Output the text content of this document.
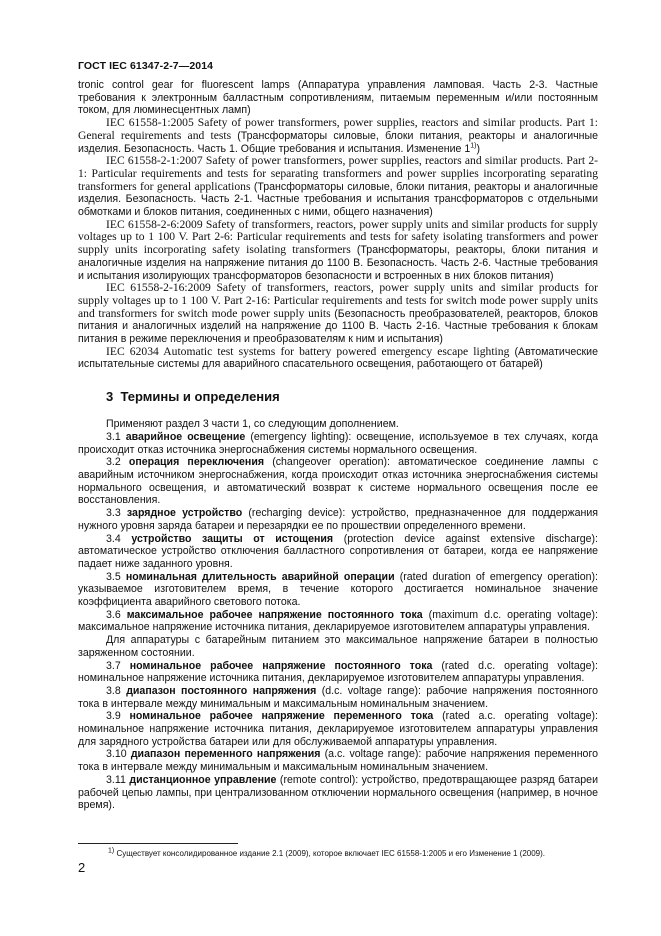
ГОСТ IEC 61347-2-7—2014

tronic control gear for fluorescent lamps (Аппаратура управления ламповая. Часть 2-3. Частные требования к электронным балластным сопротивлениям, питаемым переменным и/или постоянным током, для люминесцентных ламп)

IEC 61558-1:2005 Safety of power transformers, power supplies, reactors and similar products. Part 1: General requirements and tests (Трансформаторы силовые, блоки питания, реакторы и аналогичные изделия. Безопасность. Часть 1. Общие требования и испытания. Изменение 1$^{1)}$)

IEC 61558-2-1:2007 Safety of power transformers, power supplies, reactors and similar products. Part 2-1: Particular requirements and tests for separating transformers and power supplies incorporating separating transformers for general applications (Трансформаторы силовые, блоки питания, реакторы и аналогичные изделия. Безопасность. Часть 2-1. Частные требования и испытания трансформаторов с отдельными обмотками и блоков питания, соединенных с ними, общего назначения)

IEC 61558-2-6:2009 Safety of transformers, reactors, power supply units and similar products for supply voltages up to 1 100 V. Part 2-6: Particular requirements and tests for safety isolating transformers and power supply units incorporating safety isolating transformers (Трансформаторы, реакторы, блоки питания и аналогичные изделия на напряжение питания до 1100 В. Безопасность. Часть 2-6. Частные требования и испытания изолирующих трансформаторов безопасности и встроенных в них блоков питания)

IEC 61558-2-16:2009 Safety of transformers, reactors, power supply units and similar products for supply voltages up to 1 100 V. Part 2-16: Particular requirements and tests for switch mode power supply units and transformers for switch mode power supply units (Безопасность преобразователей, реакторов, блоков питания и аналогичных изделий на напряжение до 1100 В. Часть 2-16. Частные требования к блокам питания в режиме переключения и преобразователям к ним и испытания)

IEC 62034 Automatic test systems for battery powered emergency escape lighting (Автоматические испытательные системы для аварийного спасательного освещения, работающего от батарей)

3 Термины и определения

Применяют раздел 3 части 1, со следующим дополнением.

3.1 аварийное освещение (emergency lighting): освещение, используемое в тех случаях, когда происходит отказ источника энергоснабжения системы нормального освещения.

3.2 операция переключения (changeover operation): автоматическое соединение лампы с аварийным источником энергоснабжения, когда происходит отказ источника энергоснабжения системы нормального освещения, и автоматический возврат к системе нормального освещения после ее восстановления.

3.3 зарядное устройство (recharging device): устройство, предназначенное для поддержания нужного уровня заряда батареи и перезарядки ее по прошествии определенного времени.

3.4 устройство защиты от истощения (protection device against extensive discharge): автоматическое устройство отключения балластного сопротивления от батареи, когда ее напряжение падает ниже заданного уровня.

3.5 номинальная длительность аварийной операции (rated duration of emergency operation): указываемое изготовителем время, в течение которого достигается номинальное значение коэффициента аварийного светового потока.

3.6 максимальное рабочее напряжение постоянного тока (maximum d.c. operating voltage): максимальное напряжение источника питания, декларируемое изготовителем аппаратуры управления.

Для аппаратуры с батарейным питанием это максимальное напряжение батареи в полностью заряженном состоянии.

3.7 номинальное рабочее напряжение постоянного тока (rated d.c. operating voltage): номинальное напряжение источника питания, декларируемое изготовителем аппаратуры управления.

3.8 диапазон постоянного напряжения (d.c. voltage range): рабочие напряжения постоянного тока в интервале между минимальным и максимальным номинальным значением.

3.9 номинальное рабочее напряжение переменного тока (rated a.c. operating voltage): номинальное напряжение источника питания, декларируемое изготовителем аппаратуры управления для зарядного устройства батареи или для обслуживаемой аппаратуры управления.

3.10 диапазон переменного напряжения (a.c. voltage range): рабочие напряжения переменного тока в интервале между минимальным и максимальным номинальным значением.

3.11 дистанционное управление (remote control): устройство, предотвращающее разряд батареи рабочей цепью лампы, при централизованном отключении нормального освещения (например, в ночное время).

$^{1)}$ Существует консолидированное издание 2.1 (2009), которое включает IEC 61558-1:2005 и его Изменение 1 (2009).
2
